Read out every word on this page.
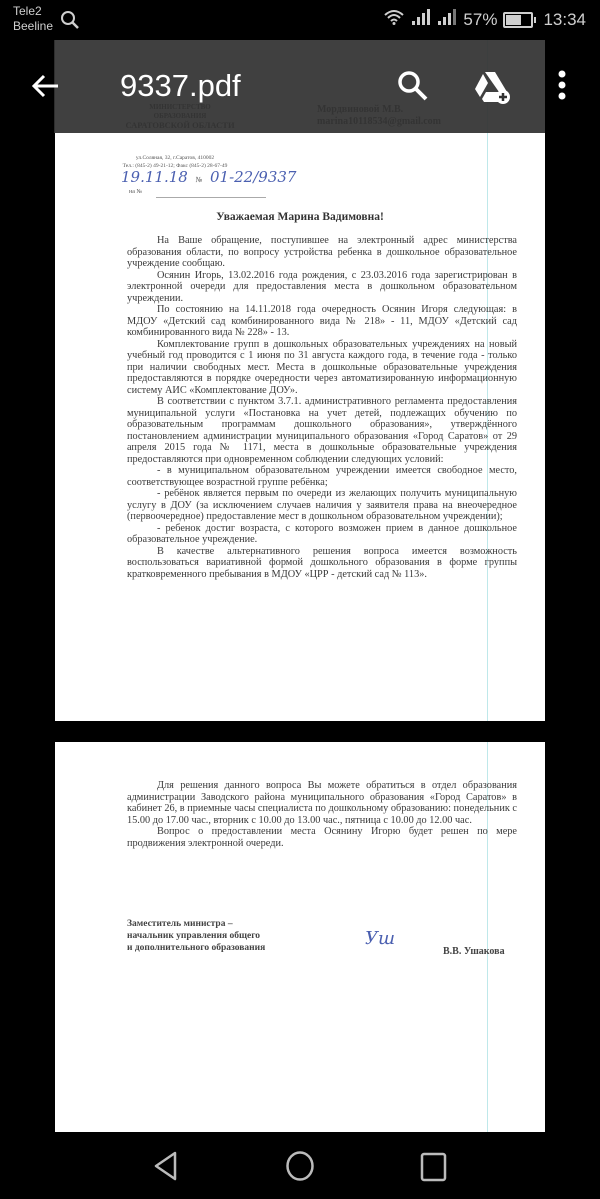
Tele2
Beeline	57%	13:34
ул.Соляная, 32, г.Саратов, 410002
Тел.: (845-2) 49-21-12; Факс (845-2) 28-67-49
19.11.18 № 01-22/9337
на №
Уважаемая Марина Вадимовна!

На Ваше обращение, поступившее на электронный адрес министерства образования области, по вопросу устройства ребенка в дошкольное образовательное учреждение сообщаю.

Осянин Игорь, 13.02.2016 года рождения, с 23.03.2016 года зарегистрирован в электронной очереди для предоставления места в дошкольном образовательном учреждении.

По состоянию на 14.11.2018 года очередность Осянин Игоря следующая: в МДОУ «Детский сад комбинированного вида № 218» - 11, МДОУ «Детский сад комбинированного вида № 228» - 13.

Комплектование групп в дошкольных образовательных учреждениях на новый учебный год проводится с 1 июня по 31 августа каждого года, в течение года - только при наличии свободных мест. Места в дошкольные образовательные учреждения предоставляются в порядке очередности через автоматизированную информационную систему АИС «Комплектование ДОУ».

В соответствии с пунктом 3.7.1. административного регламента предоставления муниципальной услуги «Постановка на учет детей, подлежащих обучению по образовательным программам дошкольного образования», утверждённого постановлением администрации муниципального образования «Город Саратов» от 29 апреля 2015 года № 1171, места в дошкольные образовательные учреждения предоставляются при одновременном соблюдении следующих условий:

- в муниципальном образовательном учреждении имеется свободное место, соответствующее возрастной группе ребёнка;

- ребёнок является первым по очереди из желающих получить муниципальную услугу в ДОУ (за исключением случаев наличия у заявителя права на внеочередное (первоочередное) предоставление мест в дошкольном образовательном учреждении);

- ребенок достиг возраста, с которого возможен прием в данное дошкольное образовательное учреждение.

В качестве альтернативного решения вопроса имеется возможность воспользоваться вариативной формой дошкольного образования в форме группы кратковременного пребывания в МДОУ «ЦРР - детский сад № 113».

Для решения данного вопроса Вы можете обратиться в отдел образования администрации Заводского района муниципального образования «Город Саратов» в кабинет 26, в приемные часы специалиста по дошкольному образованию: понедельник с 15.00 до 17.00 час., вторник с 10.00 до 13.00 час., пятница с 10.00 до 12.00 час.

Вопрос о предоставлении места Осянину Игорю будет решен по мере продвижения электронной очереди.

Заместитель министра –
начальник управления общего
и дополнительного образования	Уш
В.В. Ушакова
9337.pdf
